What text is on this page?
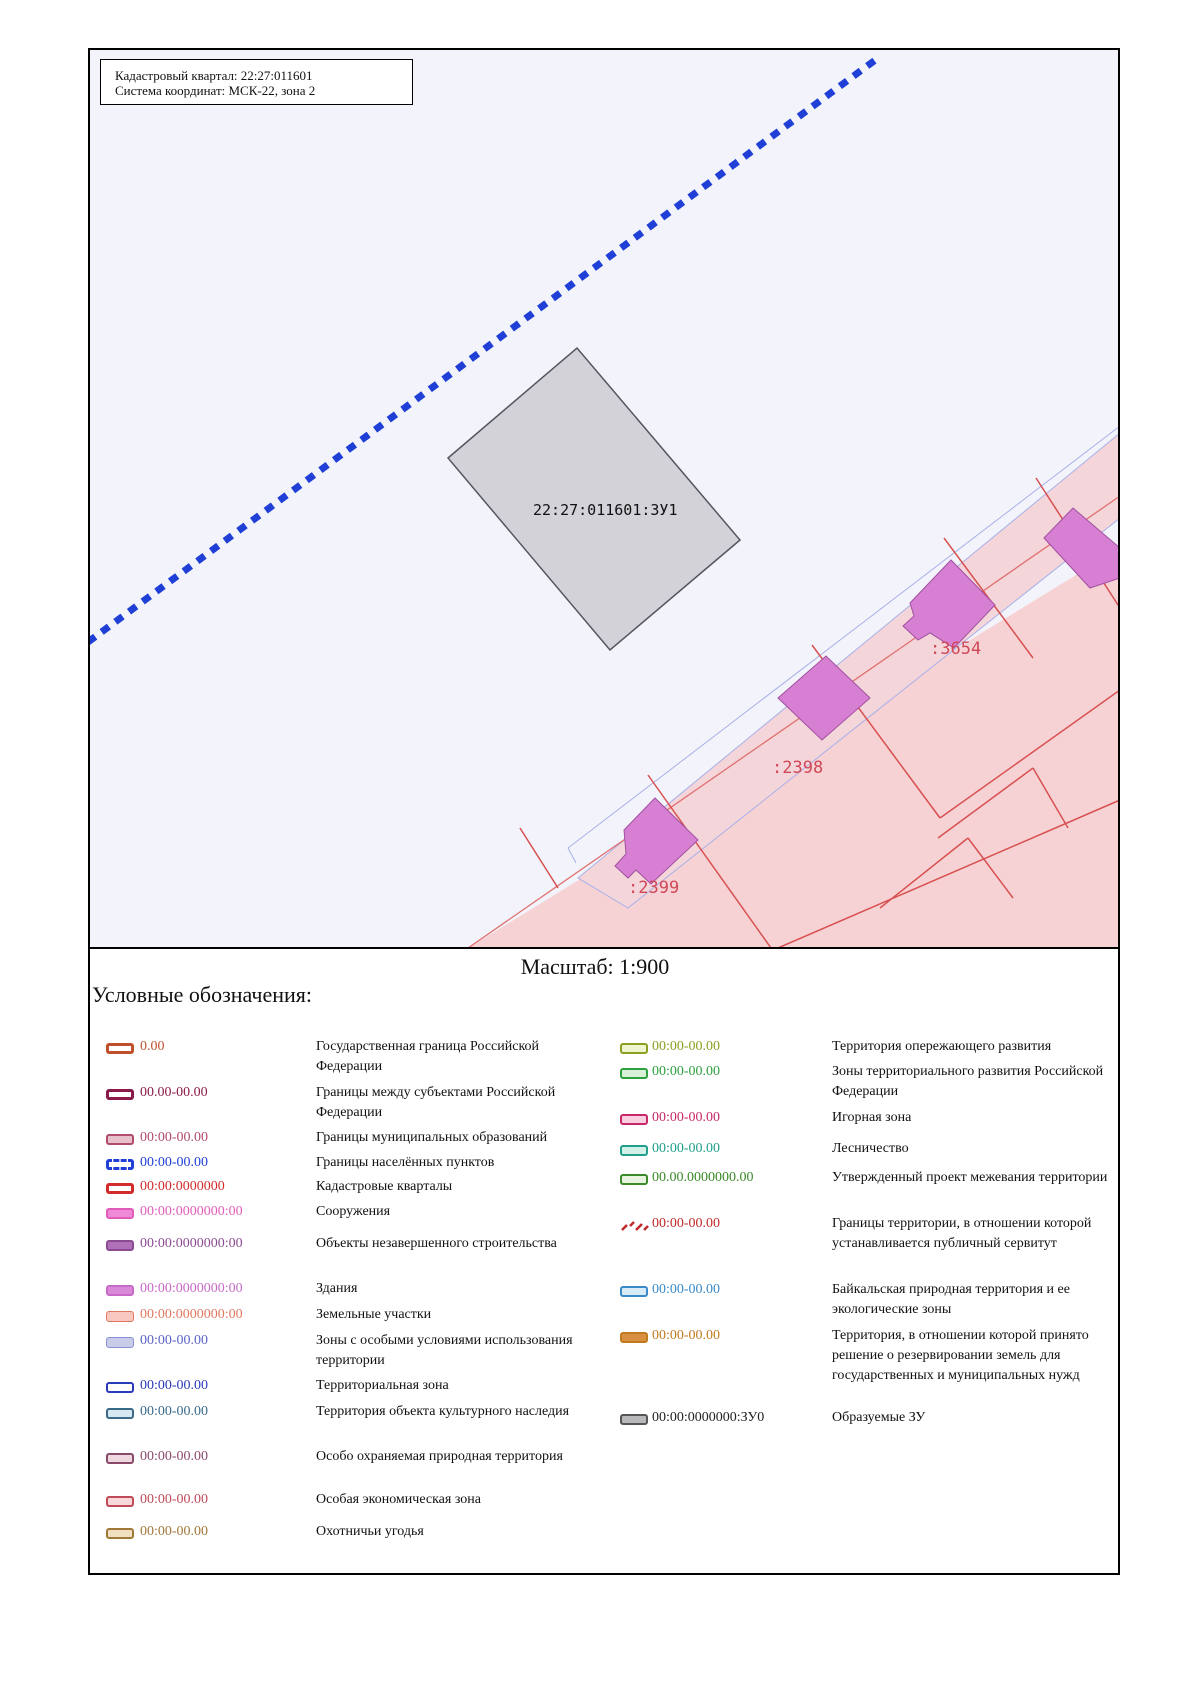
22:27:011601:ЗУ1
:3654
:2398
:2399
Кадастровый квартал: 22:27:011601
Система координат: МСК-22, зона 2
Масштаб: 1:900
Условные обозначения:
0.00	Государственная граница Российской Федерации
00.00-00.00	Границы между субъектами Российской Федерации
00:00-00.00	Границы муниципальных образований
00:00-00.00	Границы населённых пунктов
00:00:0000000	Кадастровые кварталы
00:00:0000000:00	Сооружения
00:00:0000000:00	Объекты незавершенного строительства
00:00:0000000:00	Здания
00:00:0000000:00	Земельные участки
00:00-00.00	Зоны с особыми условиями использования территории
00:00-00.00	Территориальная зона
00:00-00.00	Территория объекта культурного наследия
00:00-00.00	Особо охраняемая природная территория
00:00-00.00	Особая экономическая зона
00:00-00.00	Охотничьи угодья
00:00-00.00	Территория опережающего развития
00:00-00.00	Зоны территориального развития Российской Федерации
00:00-00.00	Игорная зона
00:00-00.00	Лесничество
00.00.0000000.00	Утвержденный проект межевания территории
00:00-00.00	Границы территории, в отношении которой устанавливается публичный сервитут
00:00-00.00	Байкальская природная территория и ее экологические зоны
00:00-00.00	Территория, в отношении которой принято решение о резервировании земель для государственных и муниципальных нужд
00:00:0000000:ЗУ0	Образуемые ЗУ
